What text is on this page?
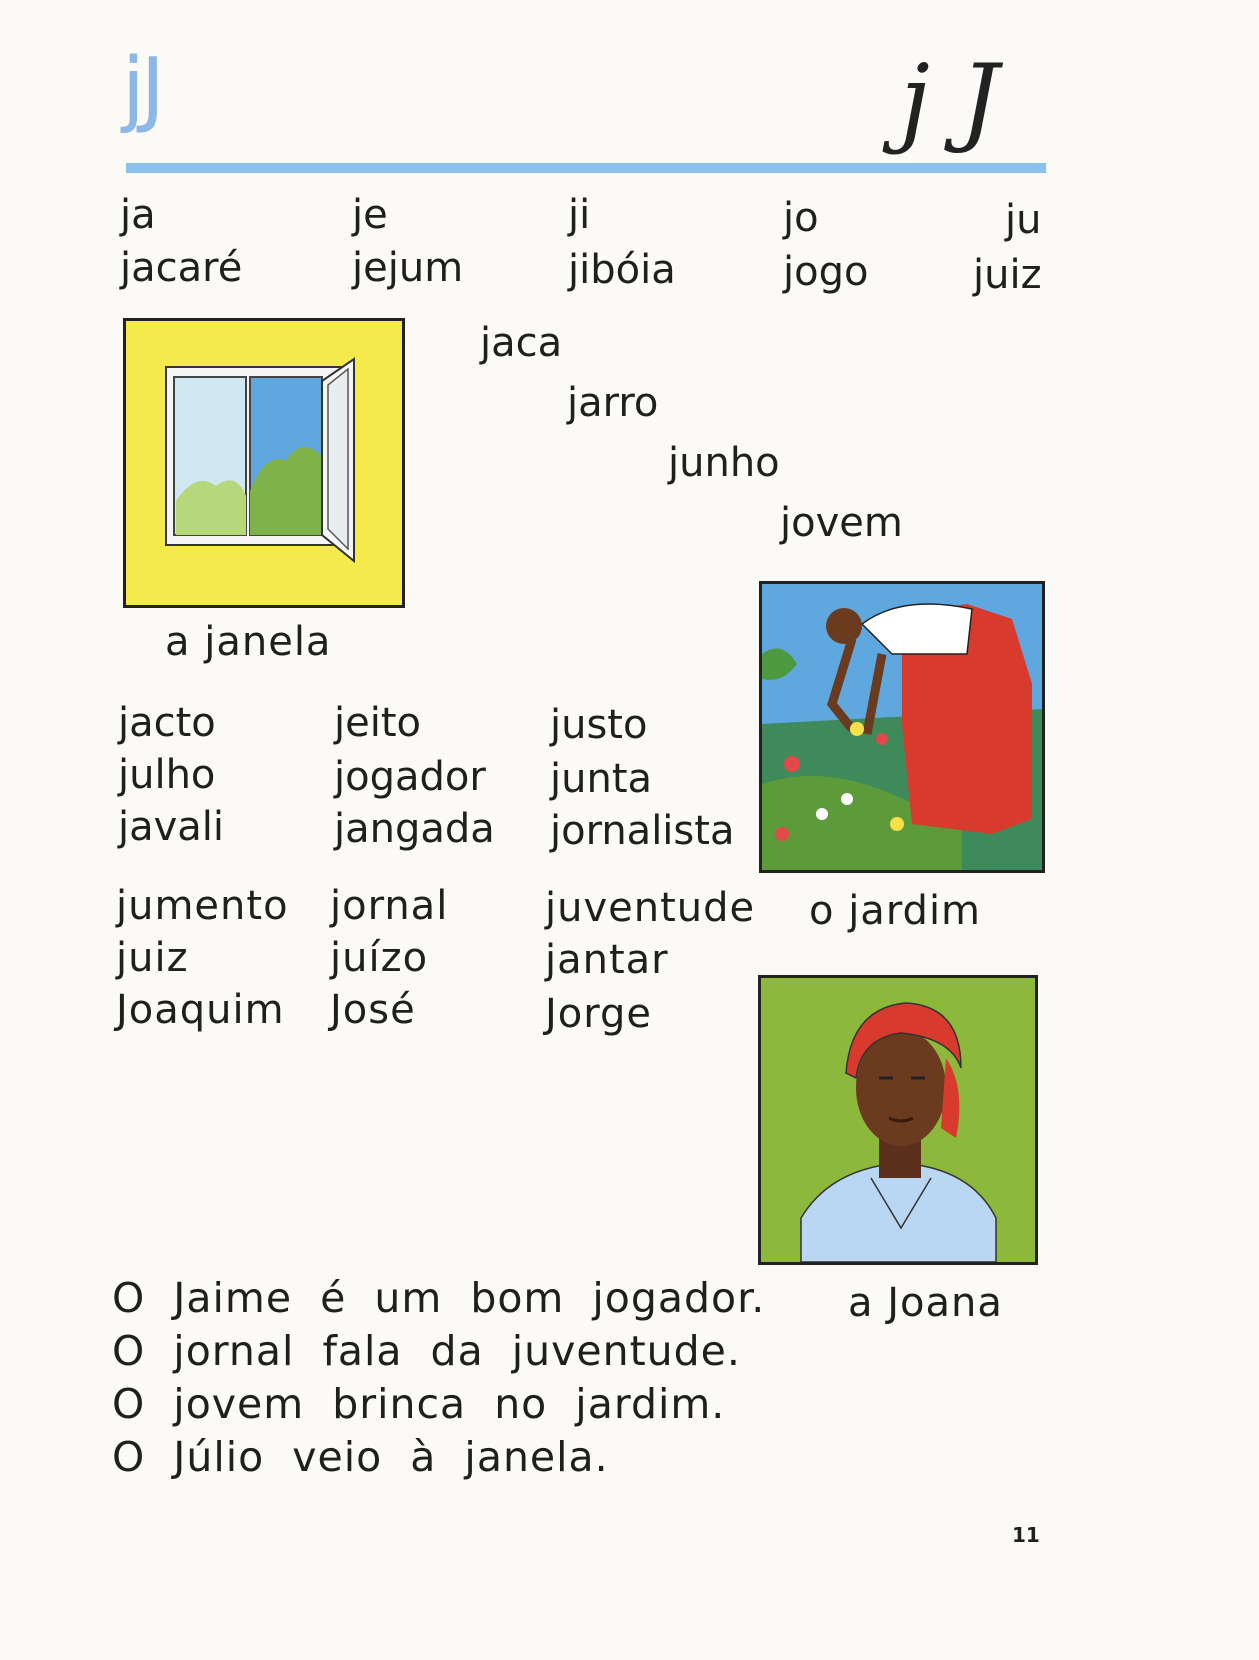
jJ	j J
ja
jacaré
je
jejum
ji
jibóia
jo
jogo
ju
juiz
a janela
jaca
jarro
junho
jovem
o jardim
jacto
julho
javali
jeito
jogador
jangada
justo
junta
jornalista
jumento
juiz
Joaquim
jornal
juízo
José
juventude
jantar
Jorge
a Joana
O Jaime é um bom jogador.
O jornal fala da juventude.
O jovem brinca no jardim.
O Júlio veio à janela.
11
